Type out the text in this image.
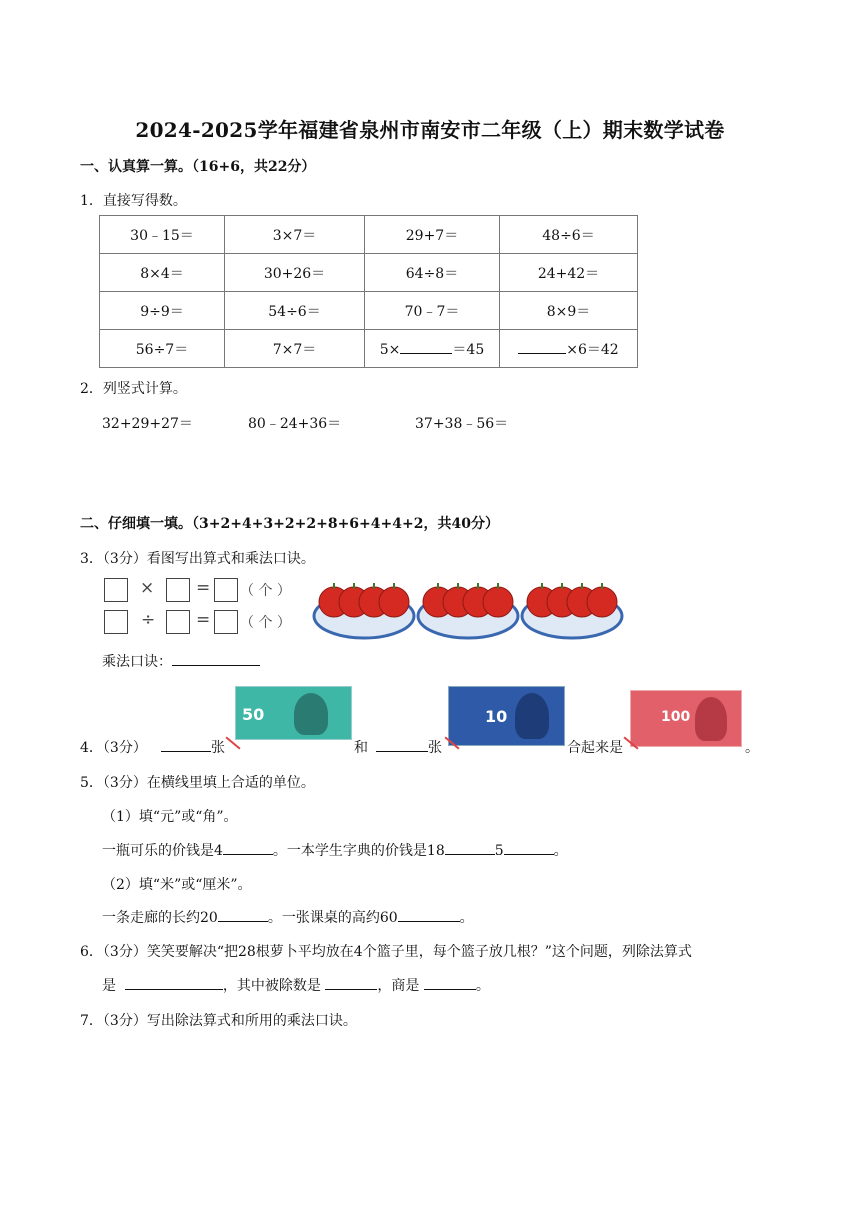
2024-2025学年福建省泉州市南安市二年级（上）期末数学试卷
一、认真算一算。（16+6，共22分）
1．直接写得数。
30﹣15＝	3×7＝	29+7＝	48÷6＝
8×4＝	30+26＝	64÷8＝	24+42＝
9÷9＝	54÷6＝	70﹣7＝	8×9＝
56÷7＝	7×7＝	5× ＝45	×6＝42
2．列竖式计算。
32+29+27＝	80﹣24+36＝	37+38﹣56＝
二、仔细填一填。（3+2+4+3+2+2+8+6+4+4+2，共40分）
3．（3分）看图写出算式和乘法口诀。
× = （ 个 ）
÷ = （ 个 ）
乘法口诀：
50	10	100
4．（3分）	张	和	张	合起来是	。
5．（3分）在横线里填上合适的单位。
（1）填“元”或“角”。
一瓶可乐的价钱是4	。一本学生字典的价钱是18	5	。
（2）填“米”或“厘米”。
一条走廊的长约20	。一张课桌的高约60	。
6．（3分）笑笑要解决“把28根萝卜平均放在4个篮子里，每个篮子放几根？”这个问题，列除法算式
是	，其中被除数是	，商是	。
7．（3分）写出除法算式和所用的乘法口诀。
